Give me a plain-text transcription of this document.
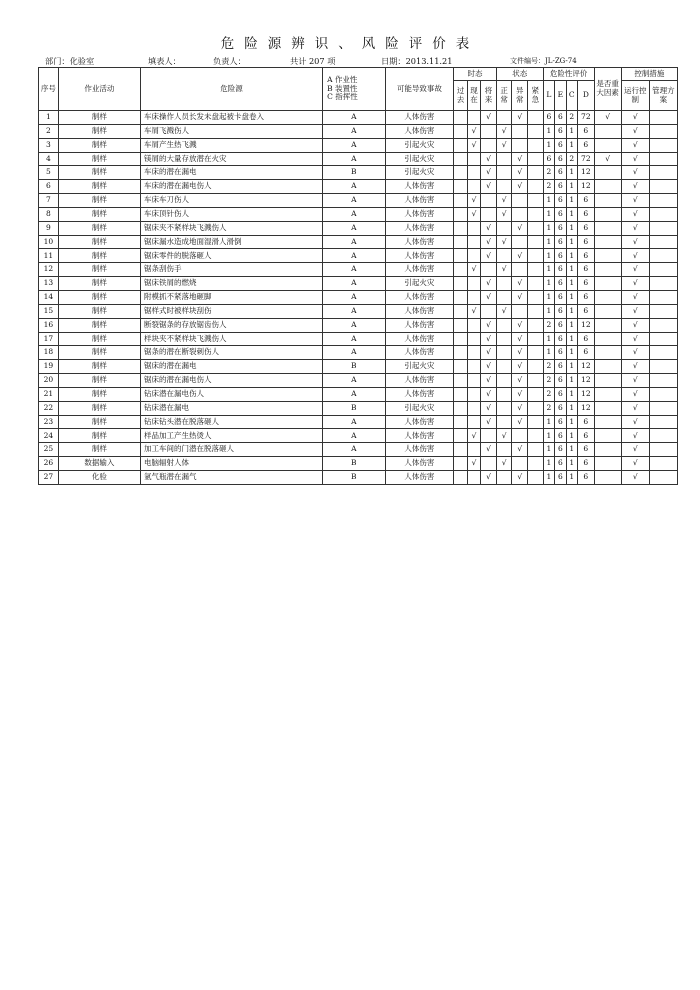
危险源辨识、风险评价表
部门：化验室	填表人：	负责人：	共计 207 项	日期：2013.11.21	文件编号：JL-ZG-74
序号	作业活动	危险源	A 作业性
B 装置性
C 指挥性	可能导致事故	时态			状态			危险性评价				是否重大因素	控制措施	
					过去	现在	将来	正常	异常	紧急	L	E	C	D		运行控制	管理方案

1	制样	车床操作人员长发未盘起被卡盘卷入	A	人体伤害			√		√		6	6	2	72	√	√	
2	制样	车屑飞溅伤人	A	人体伤害		√		√			1	6	1	6		√	
3	制样	车屑产生热飞溅	A	引起火灾		√		√			1	6	1	6		√	
4	制样	镁屑的大量存放潜在火灾	A	引起火灾			√		√		6	6	2	72	√	√	
5	制样	车床的潜在漏电	B	引起火灾			√		√		2	6	1	12		√	
6	制样	车床的潜在漏电伤人	A	人体伤害			√		√		2	6	1	12		√	
7	制样	车床车刀伤人	A	人体伤害		√		√			1	6	1	6		√	
8	制样	车床顶针伤人	A	人体伤害		√		√			1	6	1	6		√	
9	制样	锯床夹不紧样块飞溅伤人	A	人体伤害			√		√		1	6	1	6		√	
10	制样	锯床漏水造成地面湿滑人滑倒	A	人体伤害			√	√			1	6	1	6		√	
11	制样	锯床零件的脱落砸人	A	人体伤害			√		√		1	6	1	6		√	
12	制样	锯条刮伤手	A	人体伤害		√		√			1	6	1	6		√	
13	制样	锯床铁屑的燃烧	A	引起火灾			√		√		1	6	1	6		√	
14	制样	附模抓不紧落地砸脚	A	人体伤害			√		√		1	6	1	6		√	
15	制样	锯样式时被样块刮伤	A	人体伤害		√		√			1	6	1	6		√	
16	制样	断裂锯条的存放锯齿伤人	A	人体伤害			√		√		2	6	1	12		√	
17	制样	样块夹不紧样块飞溅伤人	A	人体伤害			√		√		1	6	1	6		√	
18	制样	锯条的潜在断裂刺伤人	A	人体伤害			√		√		1	6	1	6		√	
19	制样	锯床的潜在漏电	B	引起火灾			√		√		2	6	1	12		√	
20	制样	锯床的潜在漏电伤人	A	人体伤害			√		√		2	6	1	12		√	
21	制样	钻床潜在漏电伤人	A	人体伤害			√		√		2	6	1	12		√	
22	制样	钻床潜在漏电	B	引起火灾			√		√		2	6	1	12		√	
23	制样	钻床钻头潜在脱落砸人	A	人体伤害			√		√		1	6	1	6		√	
24	制样	样品加工产生热烫人	A	人体伤害		√		√			1	6	1	6		√	
25	制样	加工车间的门潜在脱落砸人	A	人体伤害			√		√		1	6	1	6		√	
26	数据输入	电脑辐射人体	B	人体伤害		√		√			1	6	1	6		√	
27	化验	氩气瓶潜在漏气	B	人体伤害			√		√		1	6	1	6		√	
